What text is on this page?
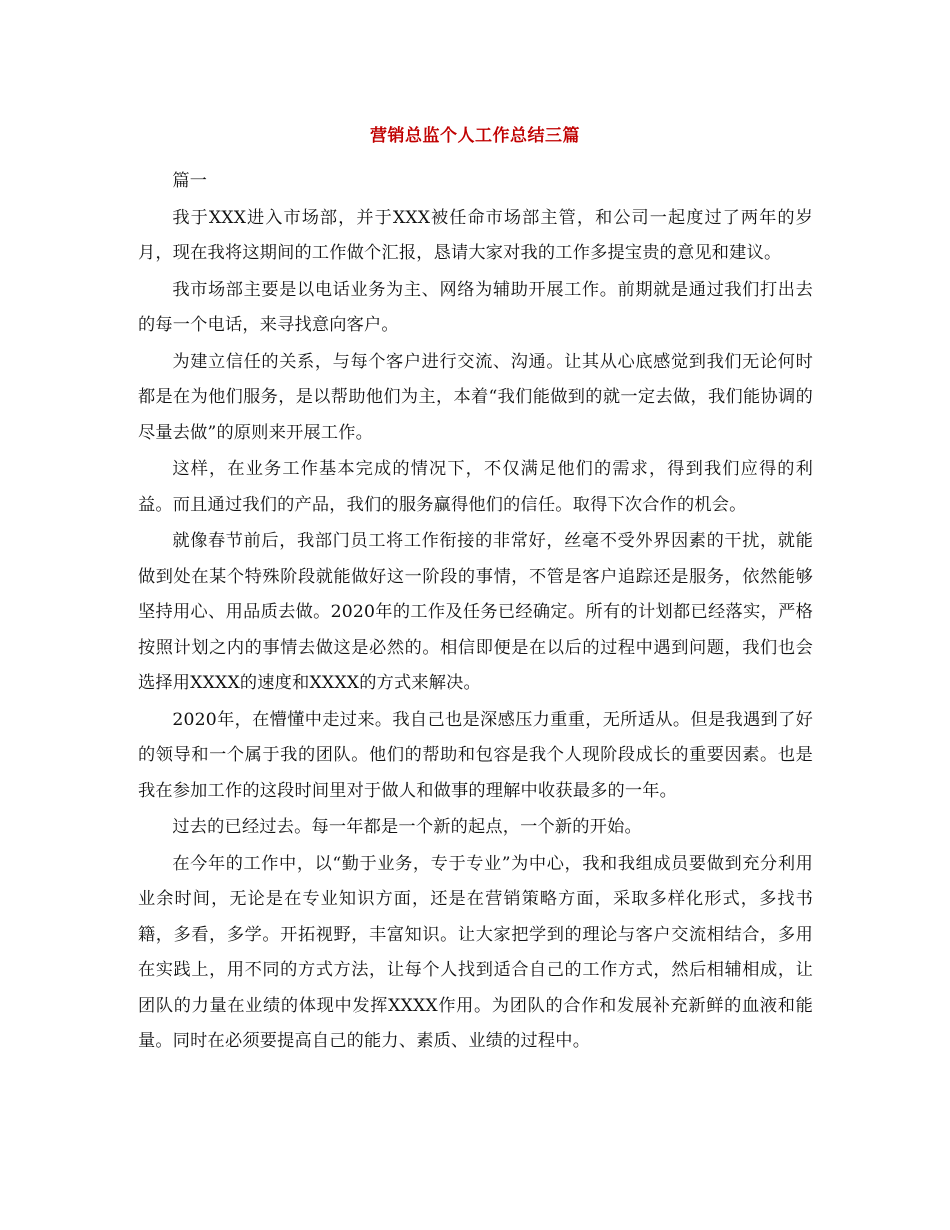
营销总监个人工作总结三篇

篇一

我于XXX进入市场部，并于XXX被任命市场部主管，和公司一起度过了两年的岁月，现在我将这期间的工作做个汇报，恳请大家对我的工作多提宝贵的意见和建议。

我市场部主要是以电话业务为主、网络为辅助开展工作。前期就是通过我们打出去的每一个电话，来寻找意向客户。

为建立信任的关系，与每个客户进行交流、沟通。让其从心底感觉到我们无论何时都是在为他们服务，是以帮助他们为主，本着“我们能做到的就一定去做，我们能协调的尽量去做”的原则来开展工作。

这样，在业务工作基本完成的情况下，不仅满足他们的需求，得到我们应得的利益。而且通过我们的产品，我们的服务赢得他们的信任。取得下次合作的机会。

就像春节前后，我部门员工将工作衔接的非常好，丝毫不受外界因素的干扰，就能做到处在某个特殊阶段就能做好这一阶段的事情，不管是客户追踪还是服务，依然能够坚持用心、用品质去做。2020年的工作及任务已经确定。所有的计划都已经落实，严格按照计划之内的事情去做这是必然的。相信即便是在以后的过程中遇到问题，我们也会选择用XXXX的速度和XXXX的方式来解决。

2020年，在懵懂中走过来。我自己也是深感压力重重，无所适从。但是我遇到了好的领导和一个属于我的团队。他们的帮助和包容是我个人现阶段成长的重要因素。也是我在参加工作的这段时间里对于做人和做事的理解中收获最多的一年。

过去的已经过去。每一年都是一个新的起点，一个新的开始。

在今年的工作中，以“勤于业务，专于专业”为中心，我和我组成员要做到充分利用业余时间，无论是在专业知识方面，还是在营销策略方面，采取多样化形式，多找书籍，多看，多学。开拓视野，丰富知识。让大家把学到的理论与客户交流相结合，多用在实践上，用不同的方式方法，让每个人找到适合自己的工作方式，然后相辅相成，让团队的力量在业绩的体现中发挥XXXX作用。为团队的合作和发展补充新鲜的血液和能量。同时在必须要提高自己的能力、素质、业绩的过程中。
